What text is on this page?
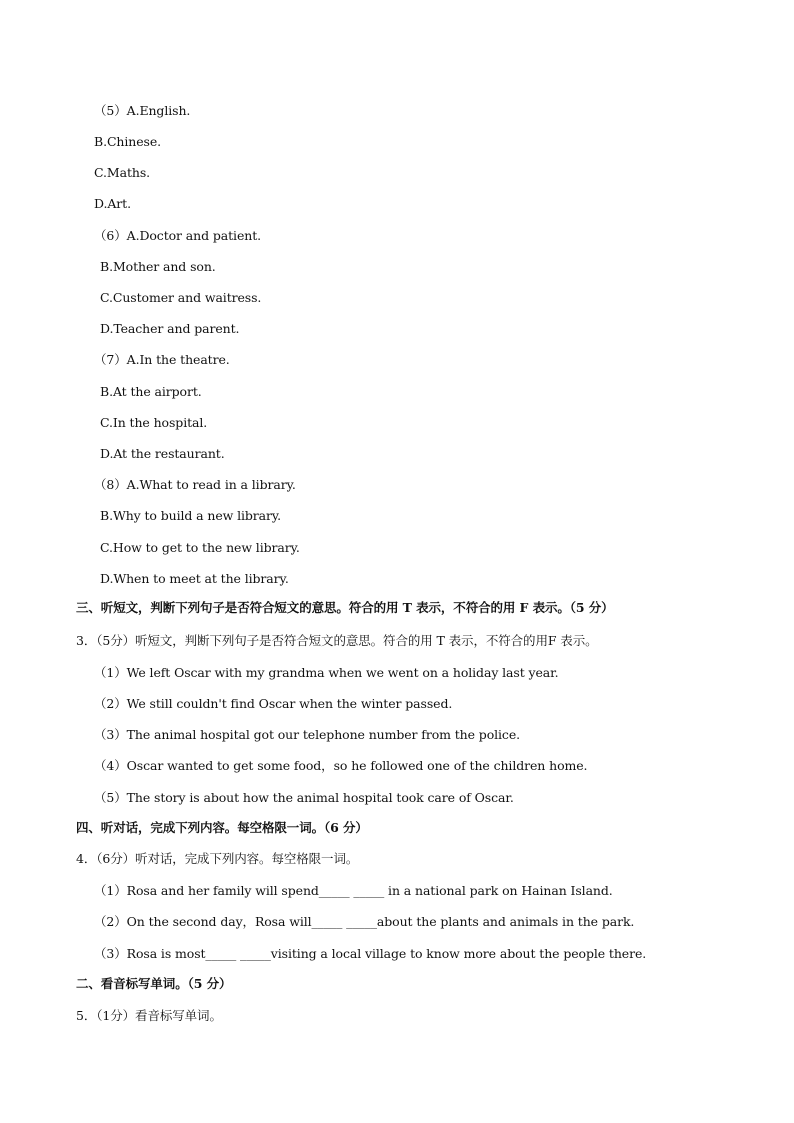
（5）A.English.
B.Chinese.
C.Maths.
D.Art.
（6）A.Doctor and patient.
B.Mother and son.
C.Customer and waitress.
D.Teacher and parent.
（7）A.In the theatre.
B.At the airport.
C.In the hospital.
D.At the restaurant.
（8）A.What to read in a library.
B.Why to build a new library.
C.How to get to the new library.
D.When to meet at the library.
三、听短文，判断下列句子是否符合短文的意思。符合的用 T 表示，不符合的用 F 表示。（5 分）
3．（5分）听短文，判断下列句子是否符合短文的意思。符合的用 T 表示，不符合的用F 表示。
（1）We left Oscar with my grandma when we went on a holiday last year.
（2）We still couldn't find Oscar when the winter passed.
（3）The animal hospital got our telephone number from the police.
（4）Oscar wanted to get some food，so he followed one of the children home.
（5）The story is about how the animal hospital took care of Oscar.
四、听对话，完成下列内容。每空格限一词。（6 分）
4．（6分）听对话，完成下列内容。每空格限一词。
（1）Rosa and her family will spend_____ _____ in a national park on Hainan Island.
（2）On the second day，Rosa will_____ _____about the plants and animals in the park.
（3）Rosa is most_____ _____visiting a local village to know more about the people there.
二、看音标写单词。（5 分）
5．（1分）看音标写单词。
